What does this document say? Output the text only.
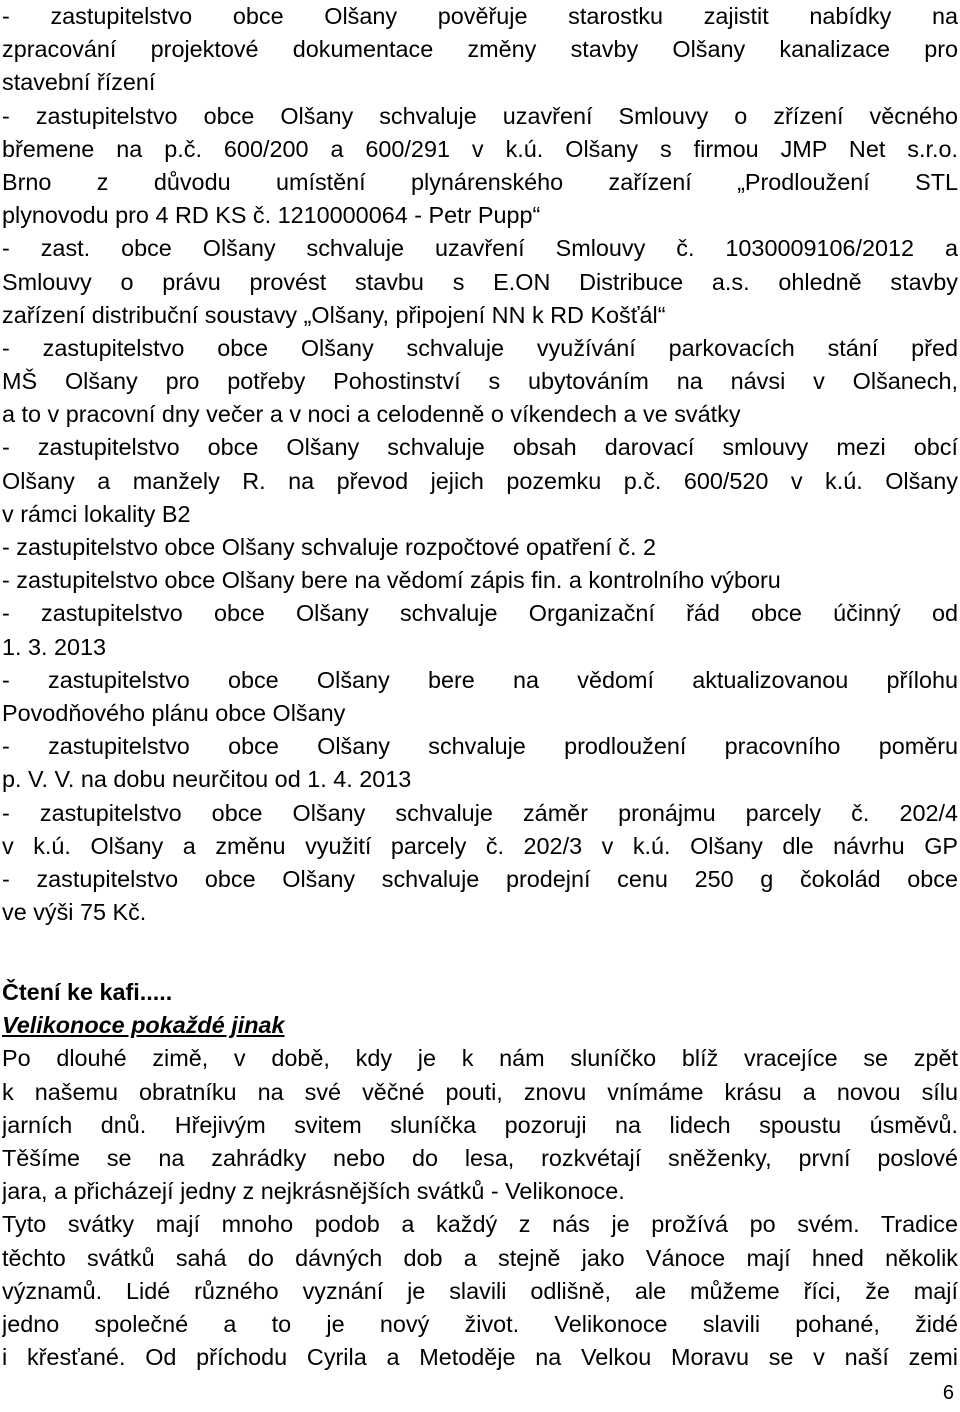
- zastupitelstvo obce Olšany pověřuje starostku zajistit nabídky na
zpracování projektové dokumentace změny stavby Olšany kanalizace pro
stavební řízení
- zastupitelstvo obce Olšany schvaluje uzavření Smlouvy o zřízení věcného
břemene na p.č. 600/200 a 600/291 v k.ú. Olšany s firmou JMP Net s.r.o.
Brno z důvodu umístění plynárenského zařízení „Prodloužení STL
plynovodu pro 4 RD KS č. 1210000064 - Petr Pupp“
- zast. obce Olšany schvaluje uzavření Smlouvy č. 1030009106/2012 a
Smlouvy o právu provést stavbu s E.ON Distribuce a.s. ohledně stavby
zařízení distribuční soustavy „Olšany, připojení NN k RD Košťál“
- zastupitelstvo obce Olšany schvaluje využívání parkovacích stání před
MŠ Olšany pro potřeby Pohostinství s ubytováním na návsi v Olšanech,
a to v pracovní dny večer a v noci a celodenně o víkendech a ve svátky
- zastupitelstvo obce Olšany schvaluje obsah darovací smlouvy mezi obcí
Olšany a manžely R. na převod jejich pozemku p.č. 600/520 v k.ú. Olšany
v rámci lokality B2
- zastupitelstvo obce Olšany schvaluje rozpočtové opatření č. 2
- zastupitelstvo obce Olšany bere na vědomí zápis fin. a kontrolního výboru
- zastupitelstvo obce Olšany schvaluje Organizační řád obce účinný od
1. 3. 2013
- zastupitelstvo obce Olšany bere na vědomí aktualizovanou přílohu
Povodňového plánu obce Olšany
- zastupitelstvo obce Olšany schvaluje prodloužení pracovního poměru
p. V. V. na dobu neurčitou od 1. 4. 2013
- zastupitelstvo obce Olšany schvaluje záměr pronájmu parcely č. 202/4
v k.ú. Olšany a změnu využití parcely č. 202/3 v k.ú. Olšany dle návrhu GP
- zastupitelstvo obce Olšany schvaluje prodejní cenu 250 g čokolád obce
ve výši 75 Kč.
Čtení ke kafi.....
Velikonoce pokaždé jinak
Po dlouhé zimě, v době, kdy je k nám sluníčko blíž vracejíce se zpět
k našemu obratníku na své věčné pouti, znovu vnímáme krásu a novou sílu
jarních dnů. Hřejivým svitem sluníčka pozoruji na lidech spoustu úsměvů.
Těšíme se na zahrádky nebo do lesa, rozkvétají sněženky, první poslové
jara, a přicházejí jedny z nejkrásnějších svátků - Velikonoce.
Tyto svátky mají mnoho podob a každý z nás je prožívá po svém. Tradice
těchto svátků sahá do dávných dob a stejně jako Vánoce mají hned několik
významů. Lidé různého vyznání je slavili odlišně, ale můžeme říci, že mají
jedno společné a to je nový život. Velikonoce slavili pohané, židé
i křesťané. Od příchodu Cyrila a Metoděje na Velkou Moravu se v naší zemi
6
